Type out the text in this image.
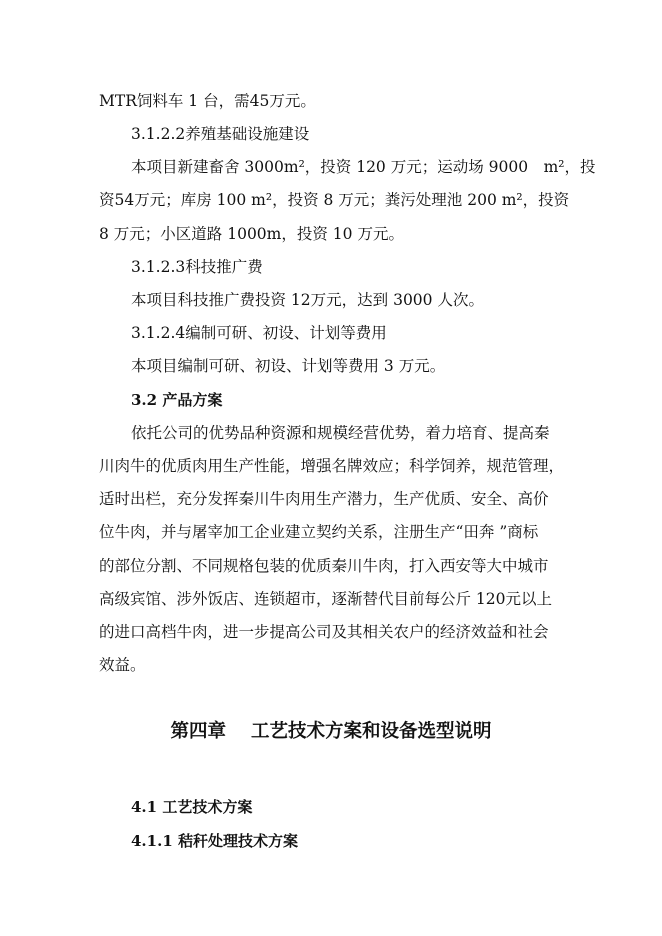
MTR饲料车 1 台，需45万元。
3.1.2.2养殖基础设施建设
本项目新建畜舍 3000m²，投资 120 万元；运动场 9000　m²，投
资54万元；库房 100 m²，投资 8 万元；粪污处理池 200 m²，投资
8 万元；小区道路 1000m，投资 10 万元。
3.1.2.3科技推广费
本项目科技推广费投资 12万元，达到 3000 人次。
3.1.2.4编制可研、初设、计划等费用
本项目编制可研、初设、计划等费用 3 万元。
3.2 产品方案
依托公司的优势品种资源和规模经营优势，着力培育、提高秦
川肉牛的优质肉用生产性能，增强名牌效应；科学饲养，规范管理，
适时出栏，充分发挥秦川牛肉用生产潜力，生产优质、安全、高价
位牛肉，并与屠宰加工企业建立契约关系，注册生产“田奔 ”商标
的部位分割、不同规格包装的优质秦川牛肉，打入西安等大中城市
高级宾馆、涉外饭店、连锁超市，逐渐替代目前每公斤 120元以上
的进口高档牛肉，进一步提高公司及其相关农户的经济效益和社会
效益。
第四章　 工艺技术方案和设备选型说明
4.1 工艺技术方案
4.1.1 秸秆处理技术方案
